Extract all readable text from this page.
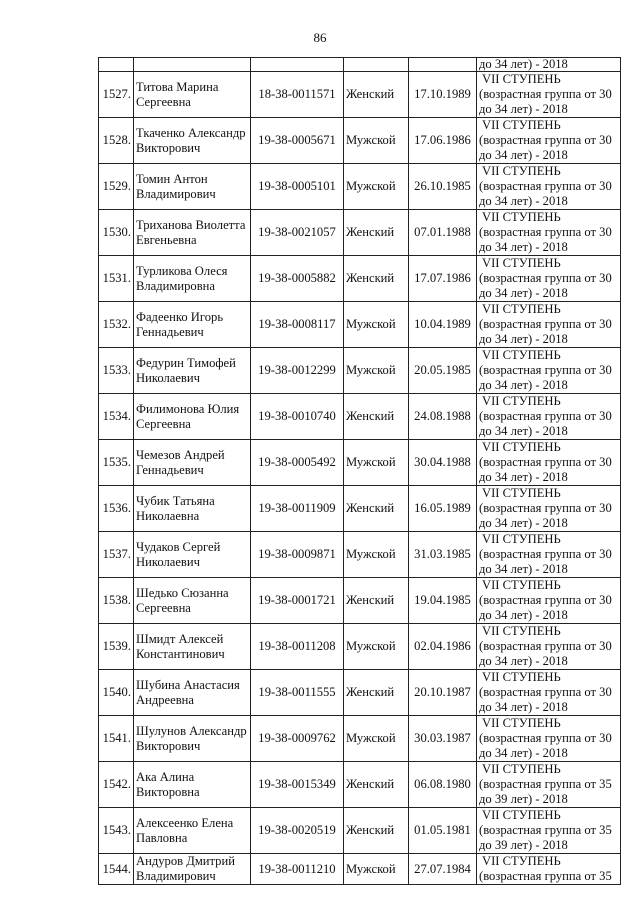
86

					до 34 лет) - 2018

1527.	Титова Марина Сергеевна	18-38-0011571	Женский	17.10.1989	VII СТУПЕНЬ
(возрастная группа от 30
до 34 лет) - 2018

1528.	Ткаченко Александр Викторович	19-38-0005671	Мужской	17.06.1986	VII СТУПЕНЬ
(возрастная группа от 30
до 34 лет) - 2018

1529.	Томин Антон Владимирович	19-38-0005101	Мужской	26.10.1985	VII СТУПЕНЬ
(возрастная группа от 30
до 34 лет) - 2018

1530.	Триханова Виолетта Евгеньевна	19-38-0021057	Женский	07.01.1988	VII СТУПЕНЬ
(возрастная группа от 30
до 34 лет) - 2018

1531.	Турликова Олеся Владимировна	19-38-0005882	Женский	17.07.1986	VII СТУПЕНЬ
(возрастная группа от 30
до 34 лет) - 2018

1532.	Фадеенко Игорь Геннадьевич	19-38-0008117	Мужской	10.04.1989	VII СТУПЕНЬ
(возрастная группа от 30
до 34 лет) - 2018

1533.	Федурин Тимофей Николаевич	19-38-0012299	Мужской	20.05.1985	VII СТУПЕНЬ
(возрастная группа от 30
до 34 лет) - 2018

1534.	Филимонова Юлия Сергеевна	19-38-0010740	Женский	24.08.1988	VII СТУПЕНЬ
(возрастная группа от 30
до 34 лет) - 2018

1535.	Чемезов Андрей Геннадьевич	19-38-0005492	Мужской	30.04.1988	VII СТУПЕНЬ
(возрастная группа от 30
до 34 лет) - 2018

1536.	Чубик Татьяна Николаевна	19-38-0011909	Женский	16.05.1989	VII СТУПЕНЬ
(возрастная группа от 30
до 34 лет) - 2018

1537.	Чудаков Сергей Николаевич	19-38-0009871	Мужской	31.03.1985	VII СТУПЕНЬ
(возрастная группа от 30
до 34 лет) - 2018

1538.	Шедько Сюзанна Сергеевна	19-38-0001721	Женский	19.04.1985	VII СТУПЕНЬ
(возрастная группа от 30
до 34 лет) - 2018

1539.	Шмидт Алексей Константинович	19-38-0011208	Мужской	02.04.1986	VII СТУПЕНЬ
(возрастная группа от 30
до 34 лет) - 2018

1540.	Шубина Анастасия Андреевна	19-38-0011555	Женский	20.10.1987	VII СТУПЕНЬ
(возрастная группа от 30
до 34 лет) - 2018

1541.	Шулунов Александр Викторович	19-38-0009762	Мужской	30.03.1987	VII СТУПЕНЬ
(возрастная группа от 30
до 34 лет) - 2018

1542.	Ака Алина Викторовна	19-38-0015349	Женский	06.08.1980	VII СТУПЕНЬ
(возрастная группа от 35
до 39 лет) - 2018

1543.	Алексеенко Елена Павловна	19-38-0020519	Женский	01.05.1981	VII СТУПЕНЬ
(возрастная группа от 35
до 39 лет) - 2018

1544.	Андуров Дмитрий Владимирович	19-38-0011210	Мужской	27.07.1984	VII СТУПЕНЬ
(возрастная группа от 35
